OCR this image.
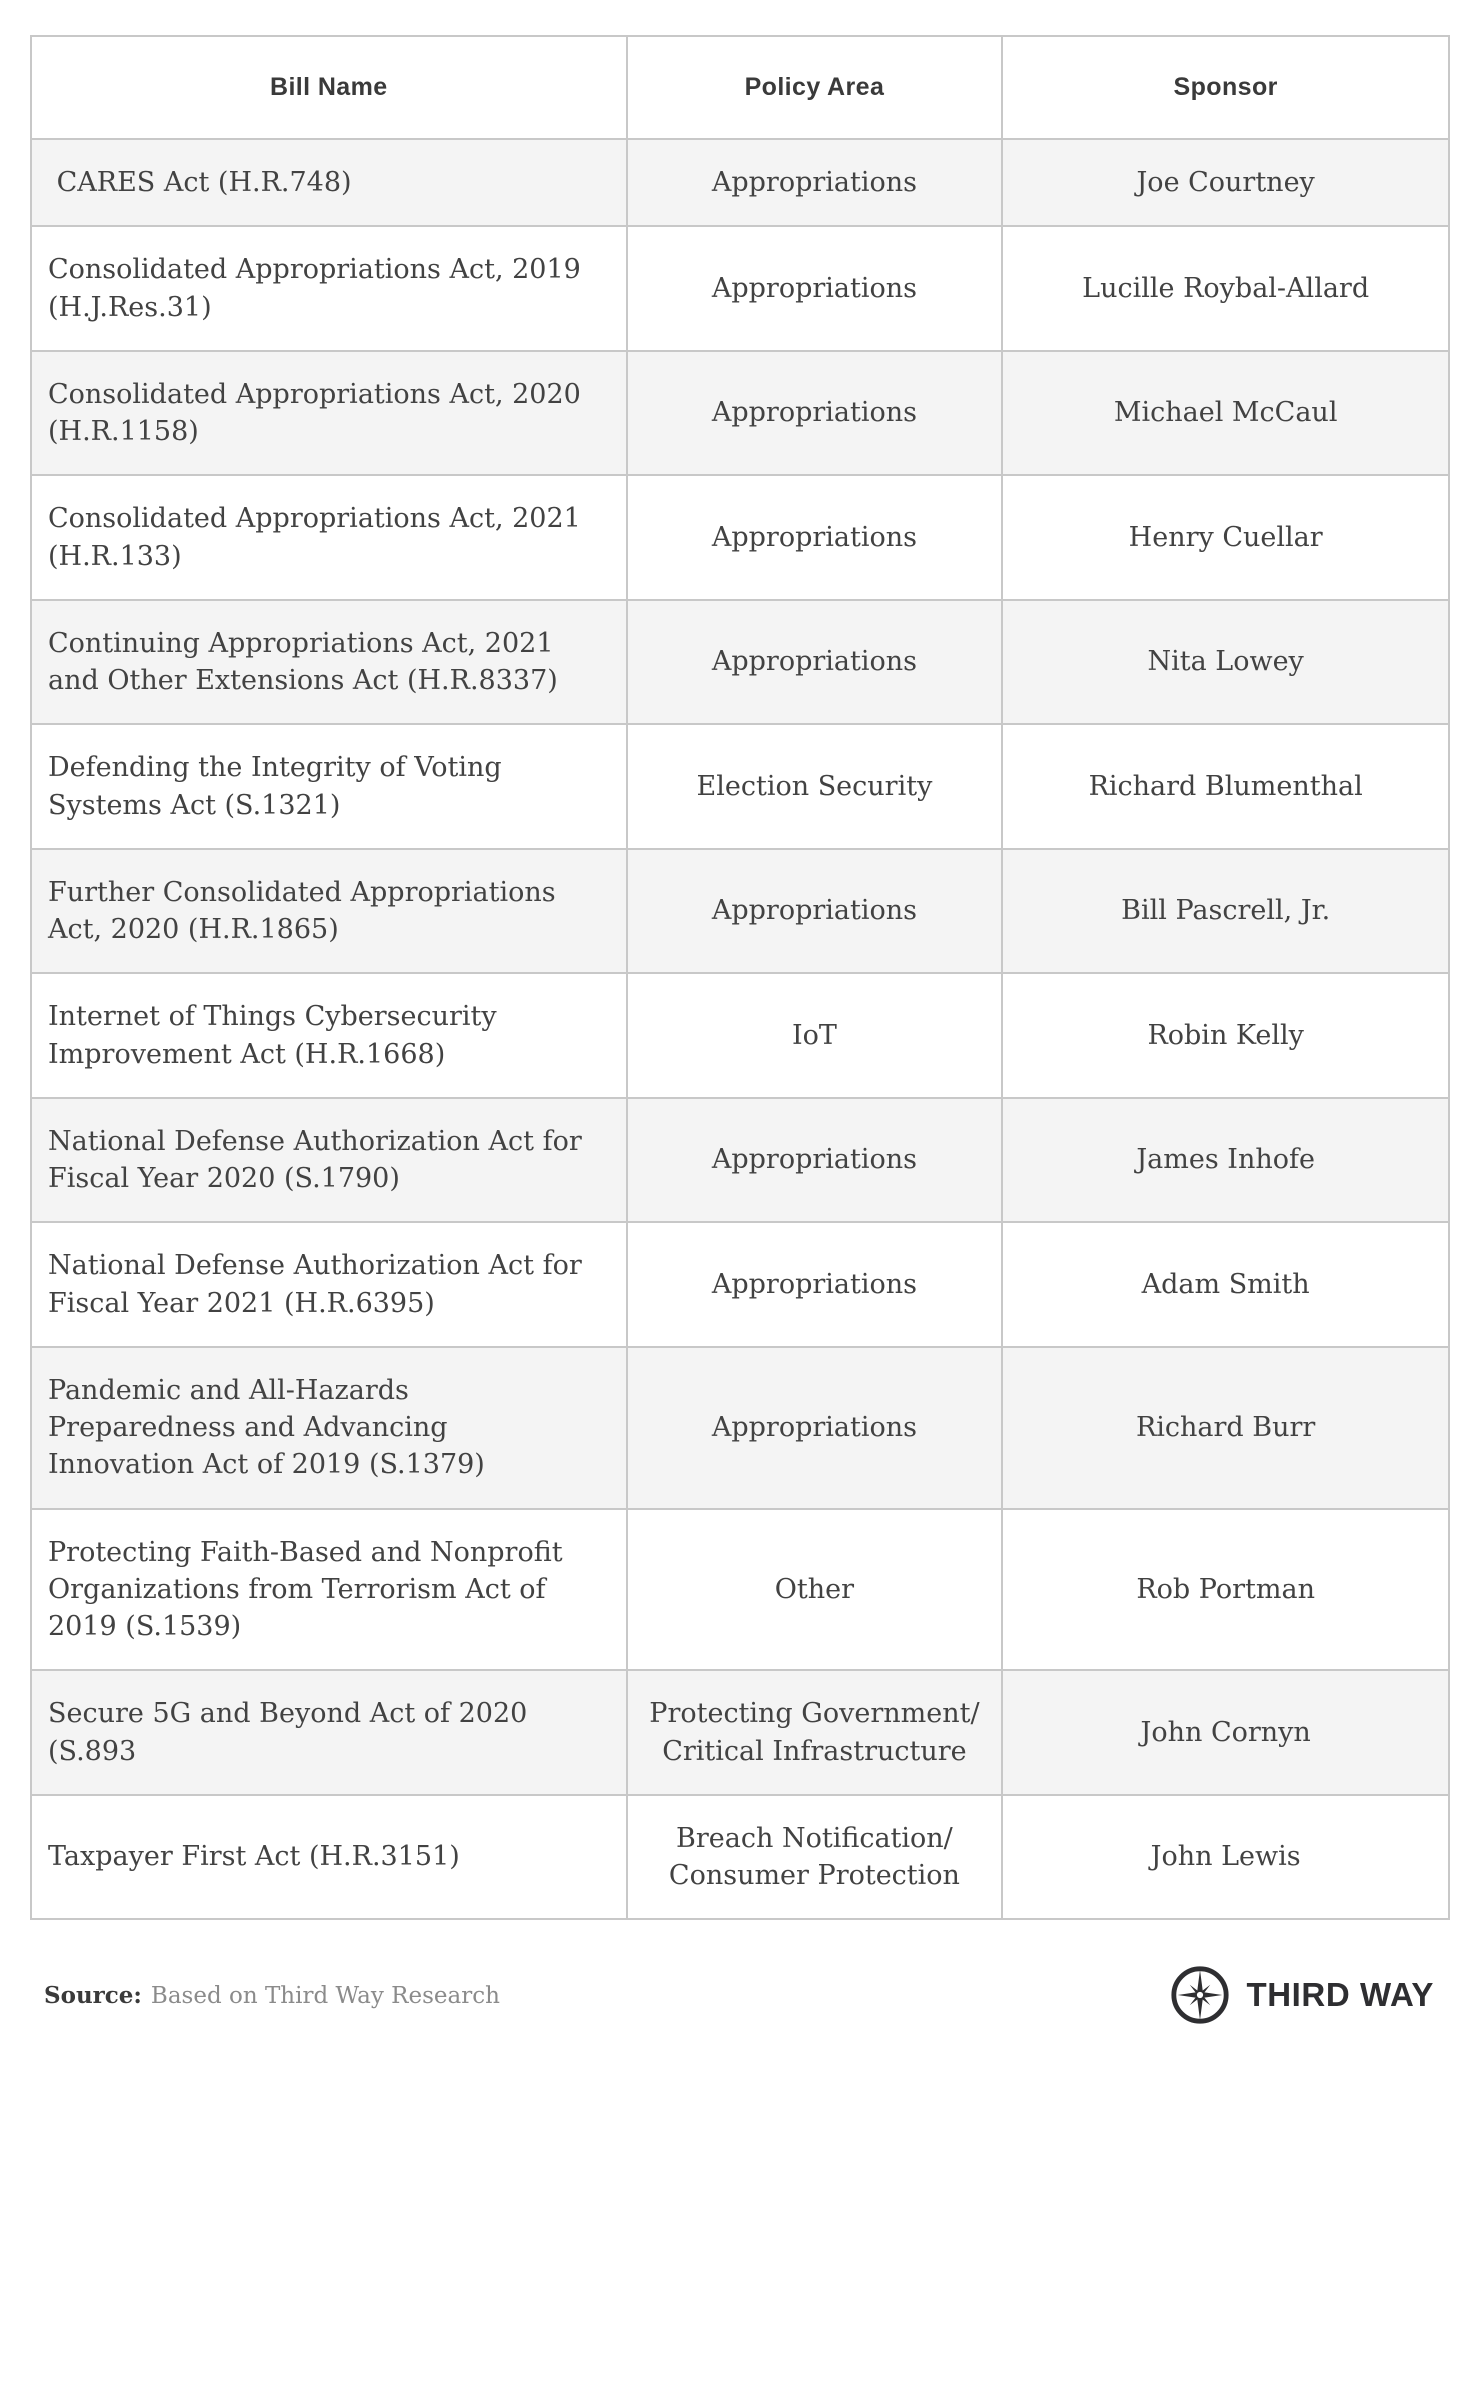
Bill Name	Policy Area	Sponsor
CARES Act (H.R.748)	Appropriations	Joe Courtney
Consolidated Appropriations Act, 2019 (H.J.Res.31)	Appropriations	Lucille Roybal-Allard
Consolidated Appropriations Act, 2020 (H.R.1158)	Appropriations	Michael McCaul
Consolidated Appropriations Act, 2021 (H.R.133)	Appropriations	Henry Cuellar
Continuing Appropriations Act, 2021 and Other Extensions Act (H.R.8337)	Appropriations	Nita Lowey
Defending the Integrity of Voting Systems Act (S.1321)	Election Security	Richard Blumenthal
Further Consolidated Appropriations Act, 2020 (H.R.1865)	Appropriations	Bill Pascrell, Jr.
Internet of Things Cybersecurity Improvement Act (H.R.1668)	IoT	Robin Kelly
National Defense Authorization Act for Fiscal Year 2020 (S.1790)	Appropriations	James Inhofe
National Defense Authorization Act for Fiscal Year 2021 (H.R.6395)	Appropriations	Adam Smith
Pandemic and All-Hazards Preparedness and Advancing Innovation Act of 2019 (S.1379)	Appropriations	Richard Burr
Protecting Faith-Based and Nonprofit Organizations from Terrorism Act of 2019 (S.1539)	Other	Rob Portman
Secure 5G and Beyond Act of 2020 (S.893	Protecting Government/ Critical Infrastructure	John Cornyn
Taxpayer First Act (H.R.3151)	Breach Notification/ Consumer Protection	John Lewis
Source: Based on Third Way Research	THIRD WAY
